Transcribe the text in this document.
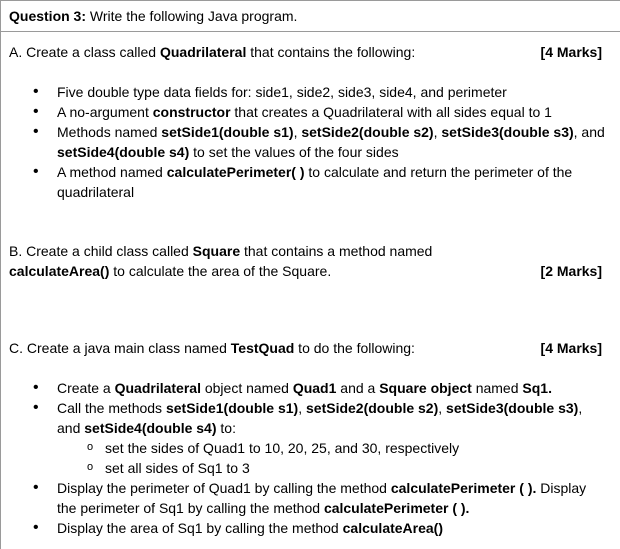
Question 3: Write the following Java program.
A. Create a class called Quadrilateral that contains the following:	[4 Marks]
• Five double type data fields for: side1, side2, side3, side4, and perimeter
• A no-argument constructor that creates a Quadrilateral with all sides equal to 1
• Methods named setSide1(double s1), setSide2(double s2), setSide3(double s3), and setSide4(double s4) to set the values of the four sides
• A method named calculatePerimeter( ) to calculate and return the perimeter of the quadrilateral
B. Create a child class called Square that contains a method named calculateArea() to calculate the area of the Square.	[2 Marks]
C. Create a java main class named TestQuad to do the following:	[4 Marks]
• Create a Quadrilateral object named Quad1 and a Square object named Sq1.
• Call the methods setSide1(double s1), setSide2(double s2), setSide3(double s3), and setSide4(double s4) to:
o set the sides of Quad1 to 10, 20, 25, and 30, respectively
o set all sides of Sq1 to 3
• Display the perimeter of Quad1 by calling the method calculatePerimeter ( ). Display the perimeter of Sq1 by calling the method calculatePerimeter ( ).
• Display the area of Sq1 by calling the method calculateArea()
